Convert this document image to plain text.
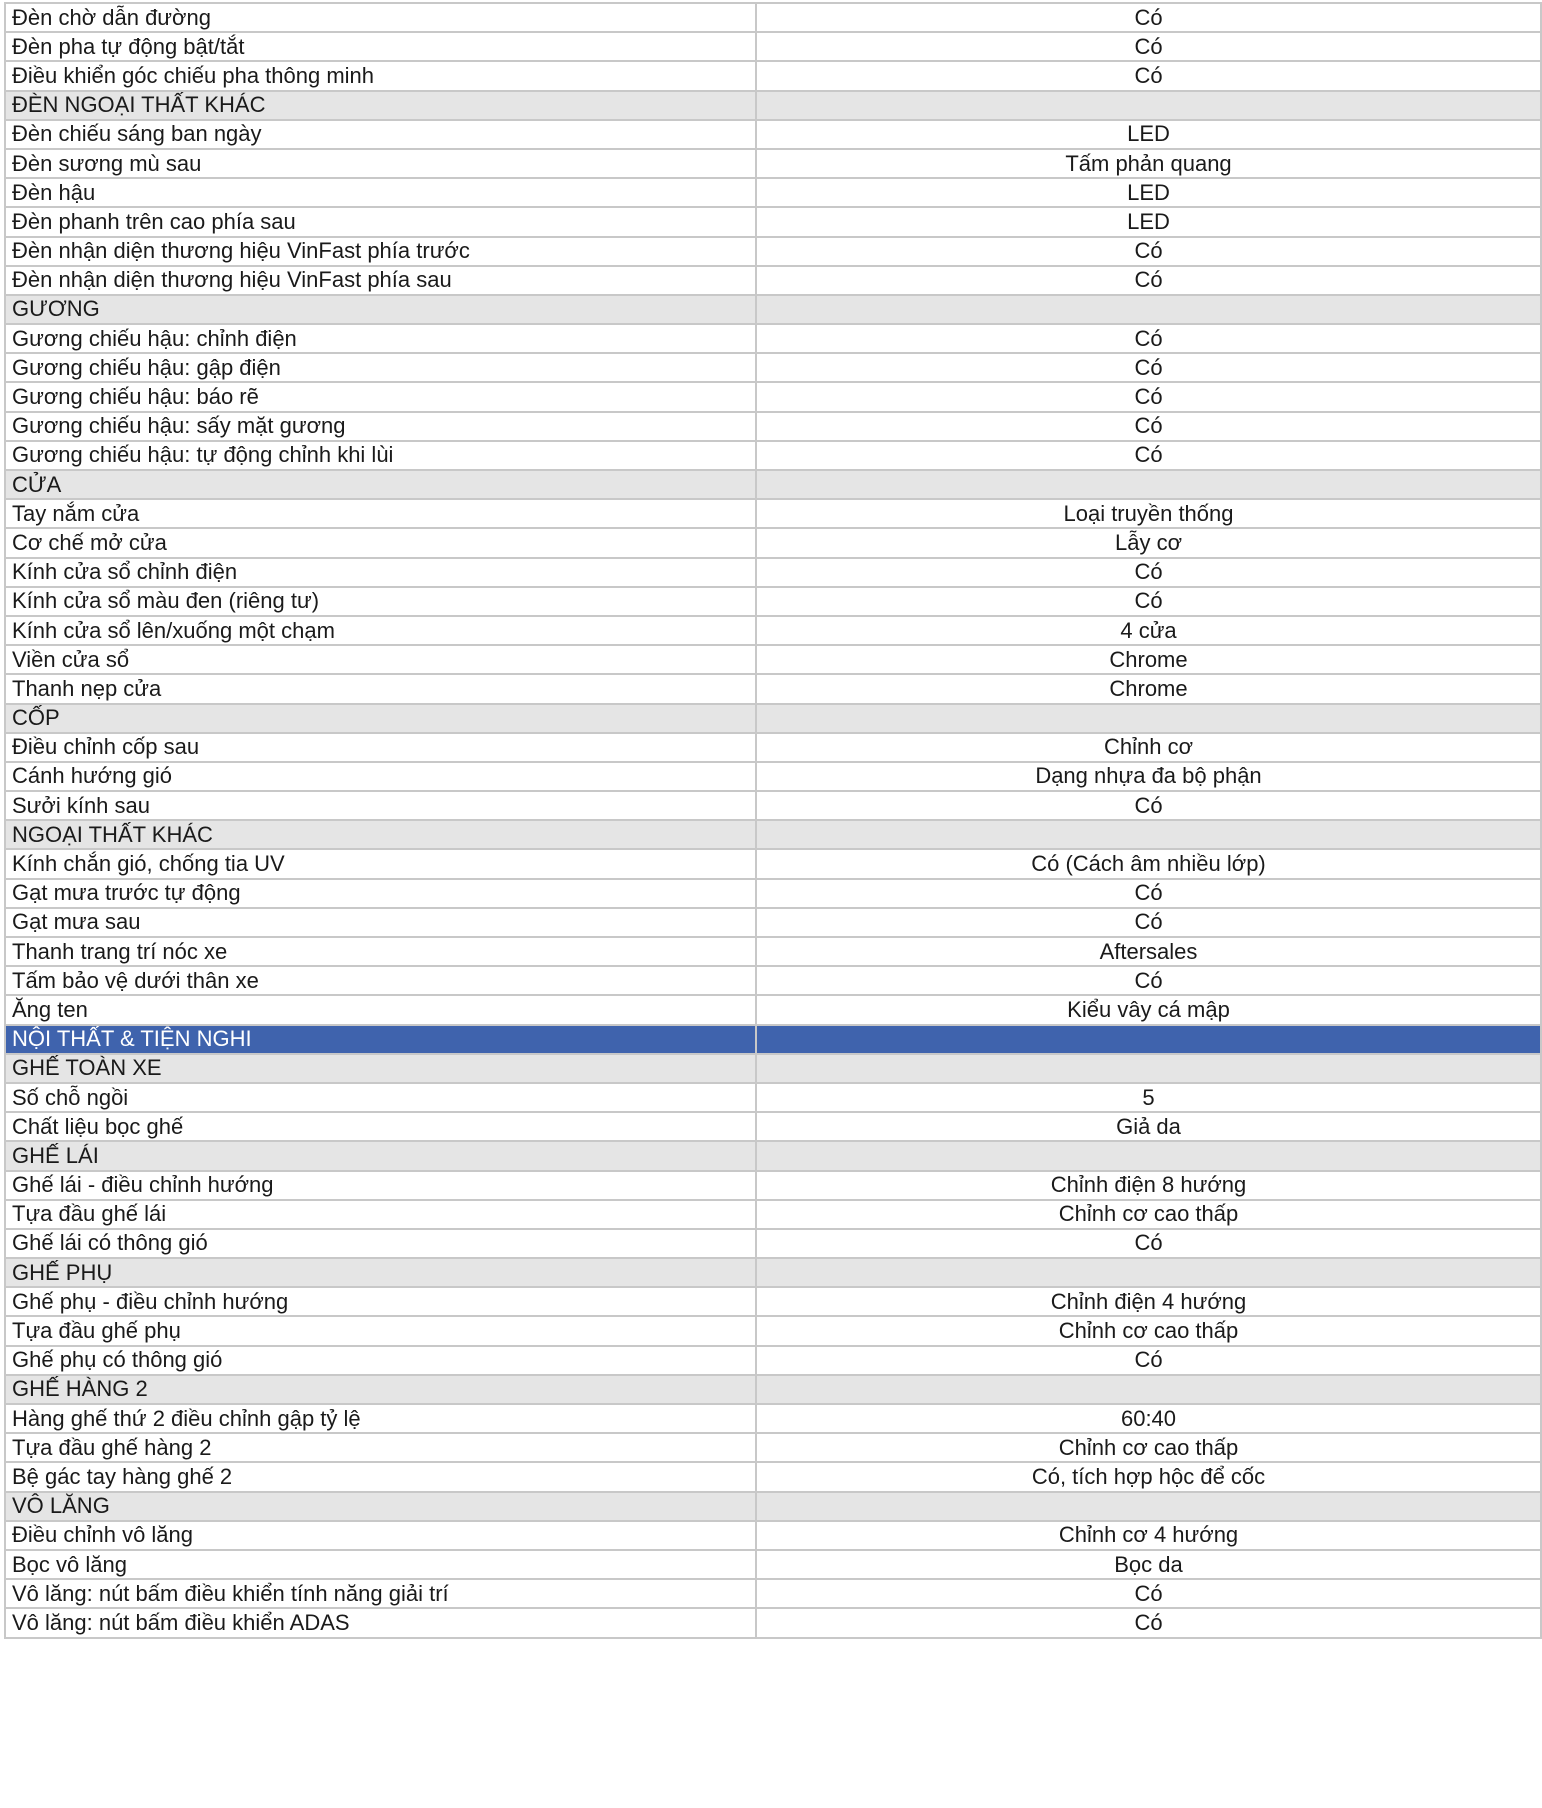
Đèn chờ dẫn đường	Có
Đèn pha tự động bật/tắt	Có
Điều khiển góc chiếu pha thông minh	Có
ĐÈN NGOẠI THẤT KHÁC	
Đèn chiếu sáng ban ngày	LED
Đèn sương mù sau	Tấm phản quang
Đèn hậu	LED
Đèn phanh trên cao phía sau	LED
Đèn nhận diện thương hiệu VinFast phía trước	Có
Đèn nhận diện thương hiệu VinFast phía sau	Có
GƯƠNG	
Gương chiếu hậu: chỉnh điện	Có
Gương chiếu hậu: gập điện	Có
Gương chiếu hậu: báo rẽ	Có
Gương chiếu hậu: sấy mặt gương	Có
Gương chiếu hậu: tự động chỉnh khi lùi	Có
CỬA	
Tay nắm cửa	Loại truyền thống
Cơ chế mở cửa	Lẫy cơ
Kính cửa sổ chỉnh điện	Có
Kính cửa sổ màu đen (riêng tư)	Có
Kính cửa sổ lên/xuống một chạm	4 cửa
Viền cửa sổ	Chrome
Thanh nẹp cửa	Chrome
CỐP	
Điều chỉnh cốp sau	Chỉnh cơ
Cánh hướng gió	Dạng nhựa đa bộ phận
Sưởi kính sau	Có
NGOẠI THẤT KHÁC	
Kính chắn gió, chống tia UV	Có (Cách âm nhiều lớp)
Gạt mưa trước tự động	Có
Gạt mưa sau	Có
Thanh trang trí nóc xe	Aftersales
Tấm bảo vệ dưới thân xe	Có
Ăng ten	Kiểu vây cá mập
NỘI THẤT & TIỆN NGHI	
GHẾ TOÀN XE	
Số chỗ ngồi	5
Chất liệu bọc ghế	Giả da
GHẾ LÁI	
Ghế lái - điều chỉnh hướng	Chỉnh điện 8 hướng
Tựa đầu ghế lái	Chỉnh cơ cao thấp
Ghế lái có thông gió	Có
GHẾ PHỤ	
Ghế phụ - điều chỉnh hướng	Chỉnh điện 4 hướng
Tựa đầu ghế phụ	Chỉnh cơ cao thấp
Ghế phụ có thông gió	Có
GHẾ HÀNG 2	
Hàng ghế thứ 2 điều chỉnh gập tỷ lệ	60:40
Tựa đầu ghế hàng 2	Chỉnh cơ cao thấp
Bệ gác tay hàng ghế 2	Có, tích hợp hộc để cốc
VÔ LĂNG	
Điều chỉnh vô lăng	Chỉnh cơ 4 hướng
Bọc vô lăng	Bọc da
Vô lăng: nút bấm điều khiển tính năng giải trí	Có
Vô lăng: nút bấm điều khiển ADAS	Có
